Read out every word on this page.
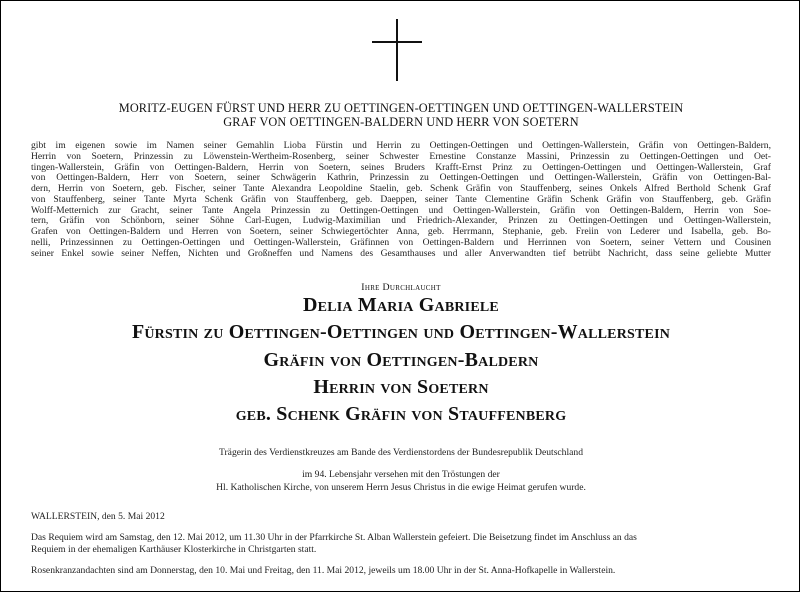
MORITZ-EUGEN FÜRST UND HERR ZU OETTINGEN-OETTINGEN UND OETTINGEN-WALLERSTEIN
GRAF VON OETTINGEN-BALDERN UND HERR VON SOETERN
gibt im eigenen sowie im Namen seiner Gemahlin Lioba Fürstin und Herrin zu Oettingen-Oettingen und Oettingen-Wallerstein, Gräfin von Oettingen-Baldern,
Herrin von Soetern, Prinzessin zu Löwenstein-Wertheim-Rosenberg, seiner Schwester Ernestine Constanze Massini, Prinzessin zu Oettingen-Oettingen und Oet-
tingen-Wallerstein, Gräfin von Oettingen-Baldern, Herrin von Soetern, seines Bruders Krafft-Ernst Prinz zu Oettingen-Oettingen und Oettingen-Wallerstein, Graf
von Oettingen-Baldern, Herr von Soetern, seiner Schwägerin Kathrin, Prinzessin zu Oettingen-Oettingen und Oettingen-Wallerstein, Gräfin von Oettingen-Bal-
dern, Herrin von Soetern, geb. Fischer, seiner Tante Alexandra Leopoldine Staelin, geb. Schenk Gräfin von Stauffenberg, seines Onkels Alfred Berthold Schenk Graf
von Stauffenberg, seiner Tante Myrta Schenk Gräfin von Stauffenberg, geb. Daeppen, seiner Tante Clementine Gräfin Schenk Gräfin von Stauffenberg, geb. Gräfin
Wolff-Metternich zur Gracht, seiner Tante Angela Prinzessin zu Oettingen-Oettingen und Oettingen-Wallerstein, Gräfin von Oettingen-Baldern, Herrin von Soe-
tern, Gräfin von Schönborn, seiner Söhne Carl-Eugen, Ludwig-Maximilian und Friedrich-Alexander, Prinzen zu Oettingen-Oettingen und Oettingen-Wallerstein,
Grafen von Oettingen-Baldern und Herren von Soetern, seiner Schwiegertöchter Anna, geb. Herrmann, Stephanie, geb. Freiin von Lederer und Isabella, geb. Bo-
nelli, Prinzessinnen zu Oettingen-Oettingen und Oettingen-Wallerstein, Gräfinnen von Oettingen-Baldern und Herrinnen von Soetern, seiner Vettern und Cousinen
seiner Enkel sowie seiner Neffen, Nichten und Großneffen und Namens des Gesamthauses und aller Anverwandten tief betrübt Nachricht, dass seine geliebte Mutter
Ihre Durchlaucht
Delia Maria Gabriele
Fürstin zu Oettingen-Oettingen und Oettingen-Wallerstein
Gräfin von Oettingen-Baldern
Herrin von Soetern
geb. Schenk Gräfin von Stauffenberg
Trägerin des Verdienstkreuzes am Bande des Verdienstordens der Bundesrepublik Deutschland
im 94. Lebensjahr versehen mit den Tröstungen der
Hl. Katholischen Kirche, von unserem Herrn Jesus Christus in die ewige Heimat gerufen wurde.
WALLERSTEIN, den 5. Mai 2012
Das Requiem wird am Samstag, den 12. Mai 2012, um 11.30 Uhr in der Pfarrkirche St. Alban Wallerstein gefeiert. Die Beisetzung findet im Anschluss an das
Requiem in der ehemaligen Karthäuser Klosterkirche in Christgarten statt.
Rosenkranzandachten sind am Donnerstag, den 10. Mai und Freitag, den 11. Mai 2012, jeweils um 18.00 Uhr in der St. Anna-Hofkapelle in Wallerstein.
